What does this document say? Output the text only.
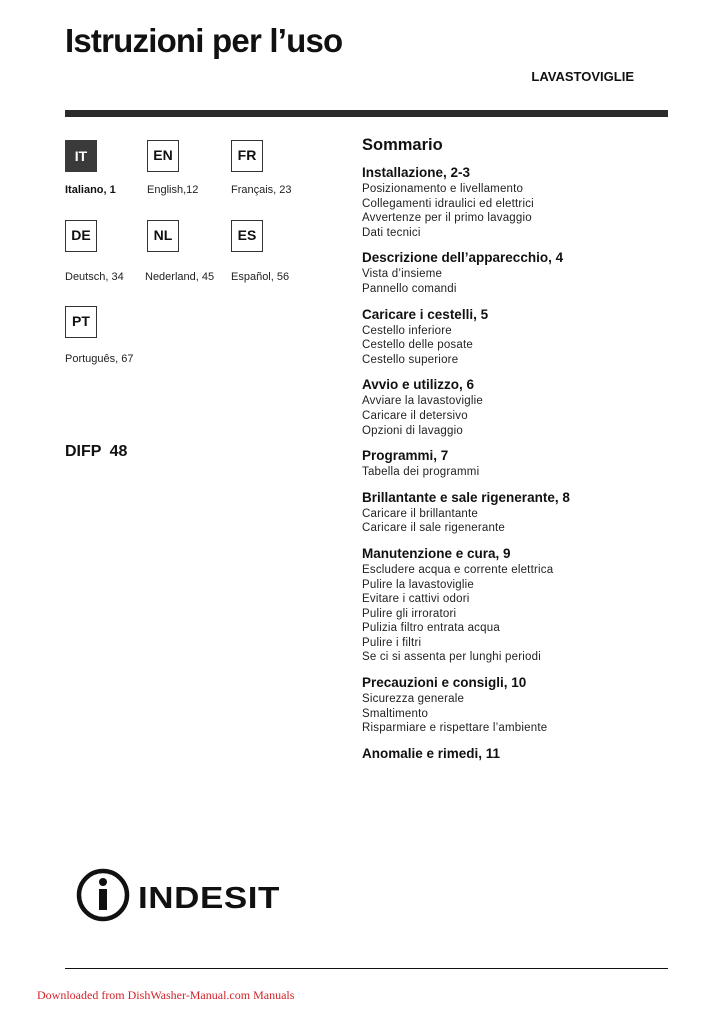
Istruzioni per l’uso
LAVASTOVIGLIE
IT	EN	FR
Italiano, 1	English,12	Français, 23
DE	NL	ES
Deutsch, 34 Nederland, 45 Español, 56
PT
Português, 67
DIFP 48
Sommario
Installazione, 2-3
Posizionamento e livellamento
Collegamenti idraulici ed elettrici
Avvertenze per il primo lavaggio
Dati tecnici
Descrizione dell’apparecchio, 4
Vista d’insieme
Pannello comandi
Caricare i cestelli, 5
Cestello inferiore
Cestello delle posate
Cestello superiore
Avvio e utilizzo, 6
Avviare la lavastoviglie
Caricare il detersivo
Opzioni di lavaggio
Programmi, 7
Tabella dei programmi
Brillantante e sale rigenerante, 8
Caricare il brillantante
Caricare il sale rigenerante
Manutenzione e cura, 9
Escludere acqua e corrente elettrica
Pulire la lavastoviglie
Evitare i cattivi odori
Pulire gli irroratori
Pulizia filtro entrata acqua
Pulire i filtri
Se ci si assenta per lunghi periodi
Precauzioni e consigli, 10
Sicurezza generale
Smaltimento
Risparmiare e rispettare l’ambiente
Anomalie e rimedi, 11
INDESIT
Downloaded from DishWasher-Manual.com Manuals
